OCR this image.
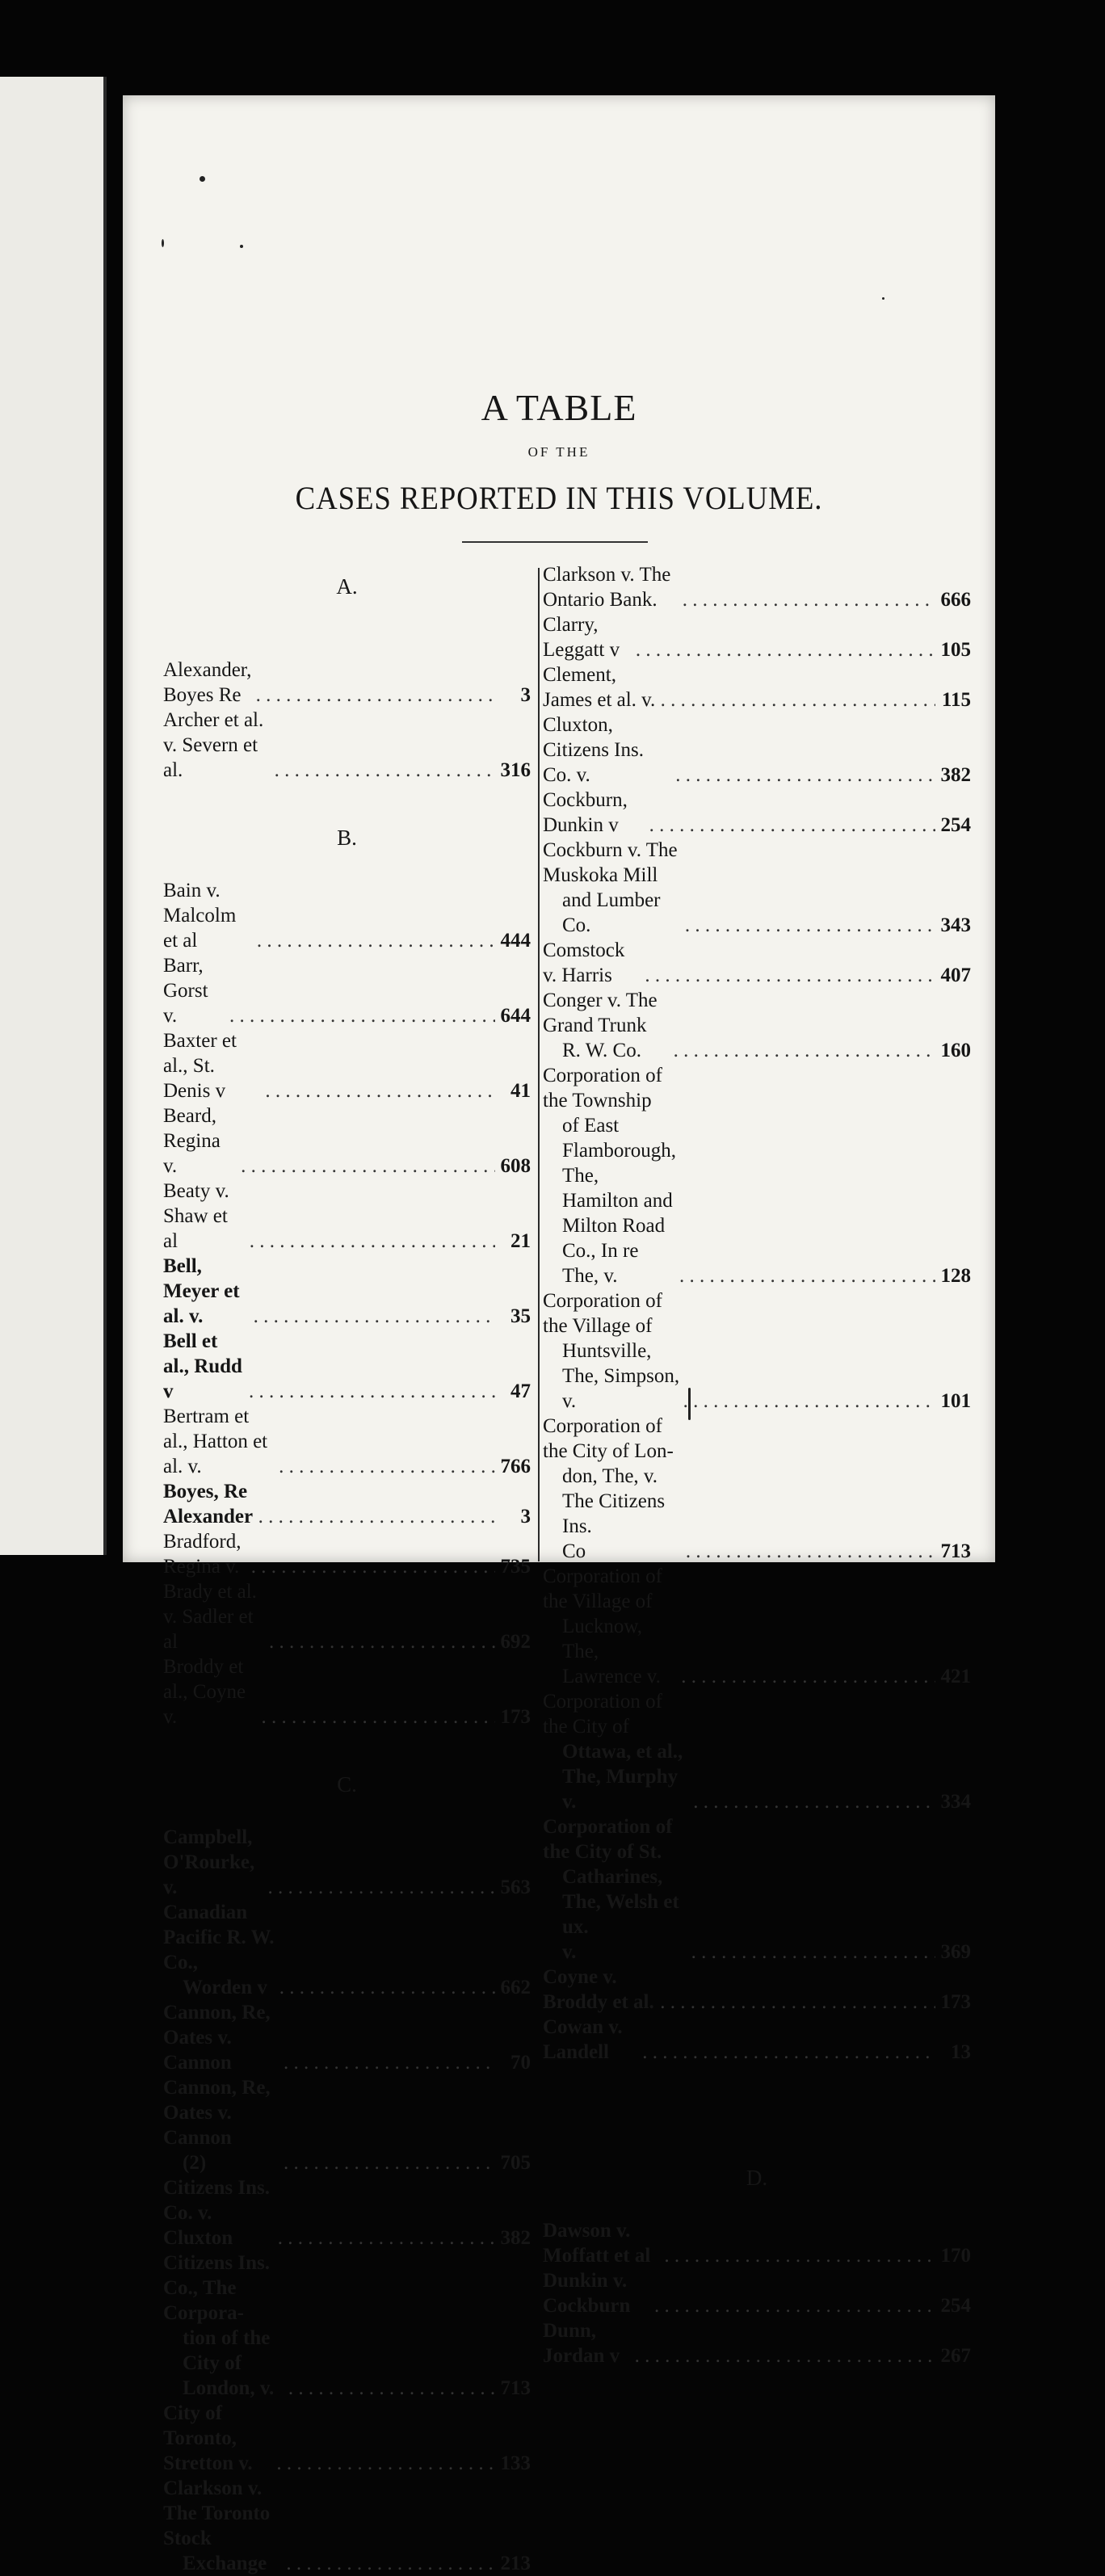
A TABLE
OF THE
CASES REPORTED IN THIS VOLUME.
A.
Alexander, Boyes Re . . .	3
Archer et al. v. Severn et al. . . .	316
B.
Bain v. Malcolm et al . . .	444
Barr, Gorst v. . . .	644
Baxter et al., St. Denis v . . .	41
Beard, Regina v. . . .	608
Beaty v. Shaw et al . . .	21
Bell, Meyer et al. v. . . .	35
Bell et al., Rudd v . . .	47
Bertram et al., Hatton et al. v. . . .	766
Boyes, Re Alexander . . .	3
Bradford, Regina v. . . .	735
Brady et al. v. Sadler et al . . .	692
Broddy et al., Coyne v. . . .	173
C.
Campbell, O'Rourke, v. . . .	563
Canadian Pacific R. W. Co.,
Worden v . . .	662
Cannon, Re, Oates v. Cannon . . .	70
Cannon, Re, Oates v. Cannon
(2) . . .	705
Citizens Ins. Co. v. Cluxton . . .	382
Citizens Ins. Co., The Corpora-
tion of the City of London, v. . . .	713
City of Toronto, Stretton v. . . .	133
Clarkson v. The Toronto Stock
Exchange . . .	213
Clarkson v. The Ontario Bank. . . .	666
Clarry, Leggatt v . . .	105
Clement, James et al. v. . . .	115
Cluxton, Citizens Ins. Co. v. . . .	382
Cockburn, Dunkin v . . .	254
Cockburn v. The Muskoka Mill
and Lumber Co. . . .	343
Comstock v. Harris . . .	407
Conger v. The Grand Trunk
R. W. Co. . . .	160
Corporation of the Township
of East Flamborough, The,
Hamilton and Milton Road
Co., In re The, v. . . .	128
Corporation of the Village of
Huntsville, The, Simpson, v. . . .	101
Corporation of the City of Lon-
don, The, v. The Citizens Ins.
Co . . .	713
Corporation of the Village of
Lucknow, The, Lawrence v. . . .	421
Corporation of the City of
Ottawa, et al., The, Murphy v. . . .	334
Corporation of the City of St.
Catharines, The, Welsh et ux.
v. . . .	369
Coyne v. Broddy et al. . . .	173
Cowan v. Landell . . .	13
D.
Dawson v. Moffatt et al . . .	170
Dunkin v. Cockburn . . .	254
Dunn, Jordan v . . .	267
